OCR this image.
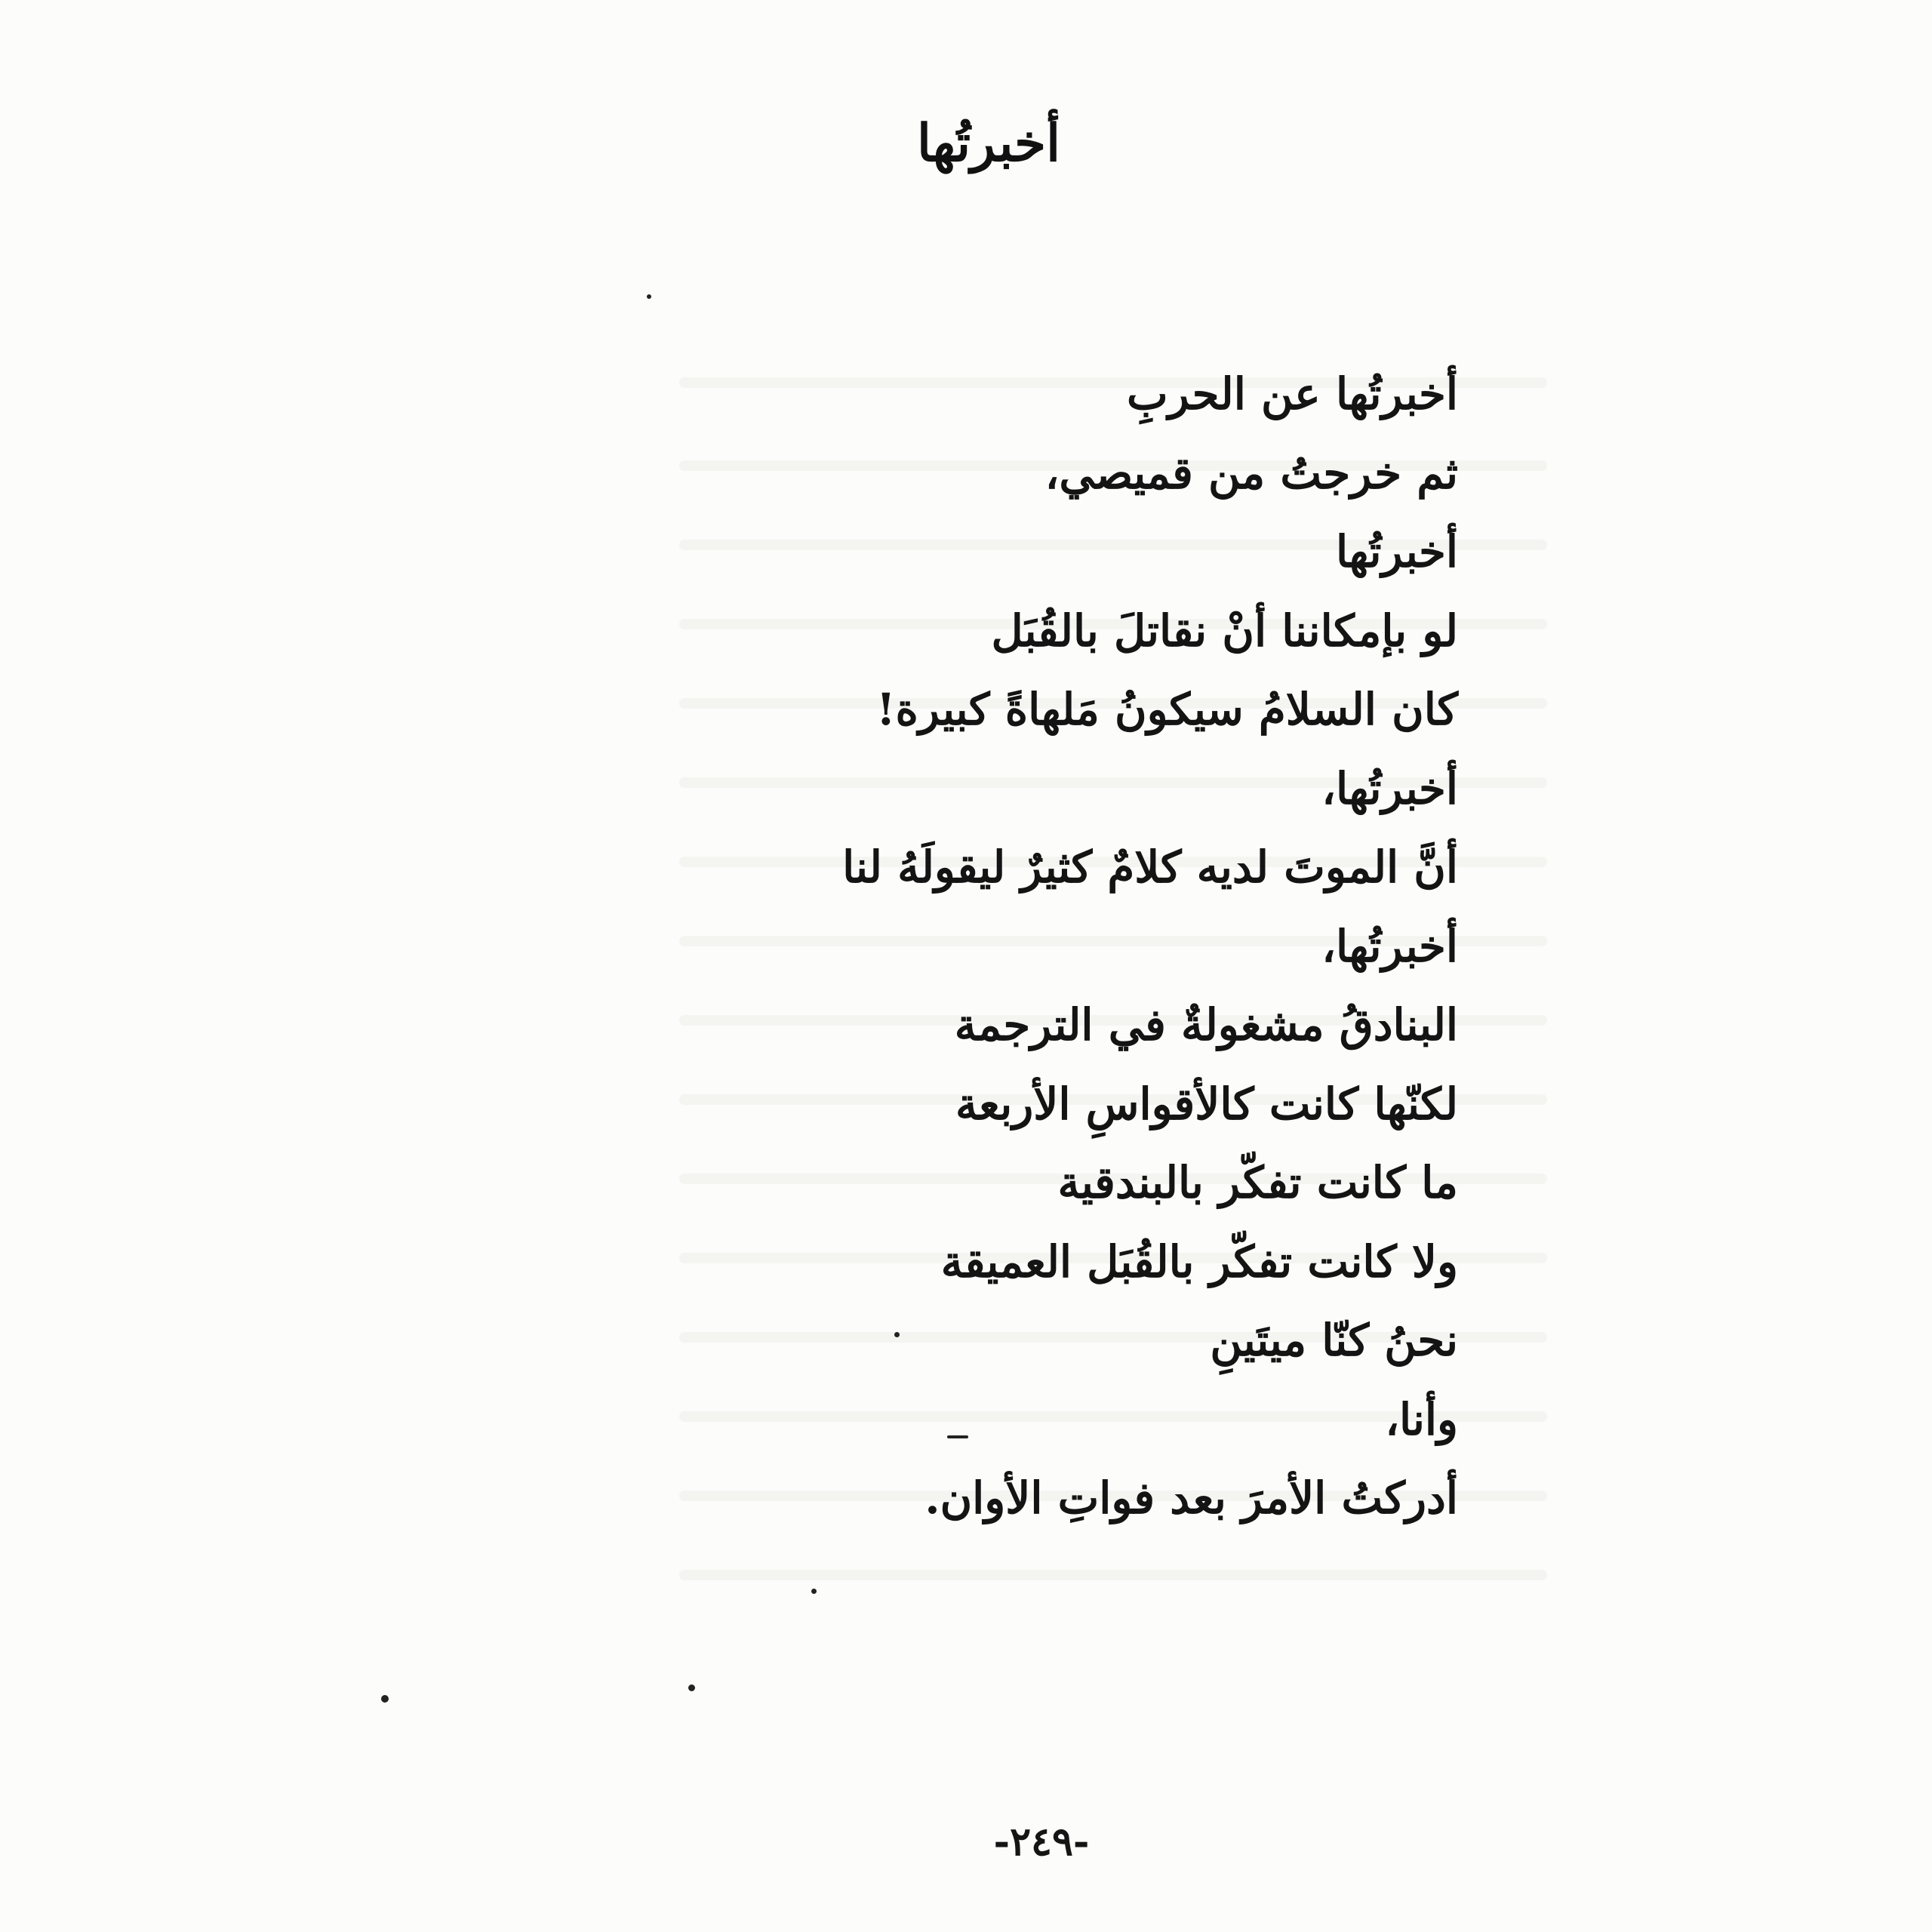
أخبرتُها
أخبرتُها عن الحربِ
ثم خرجتُ من قميصي،
أخبرتُها
لو بإمكاننا أنْ نقاتلَ بالقُبَل
كان السلامُ سيكونُ مَلهاةً كبيرة!
أخبرتُها،
أنَّ الموتَ لديه كلامٌ كثيرٌ ليقولَهُ لنا
أخبرتُها،
البنادقُ مشغولةٌ في الترجمة
لكنّها كانت كالأقواسِ الأربعة
ما كانت تفكّر بالبندقية
ولا كانت تفكّر بالقُبَل العميقة
نحنُ كنّا ميتَينِ
وأنا،
أدركتُ الأمرَ بعد فواتِ الأوان.
-٢٤٩-
